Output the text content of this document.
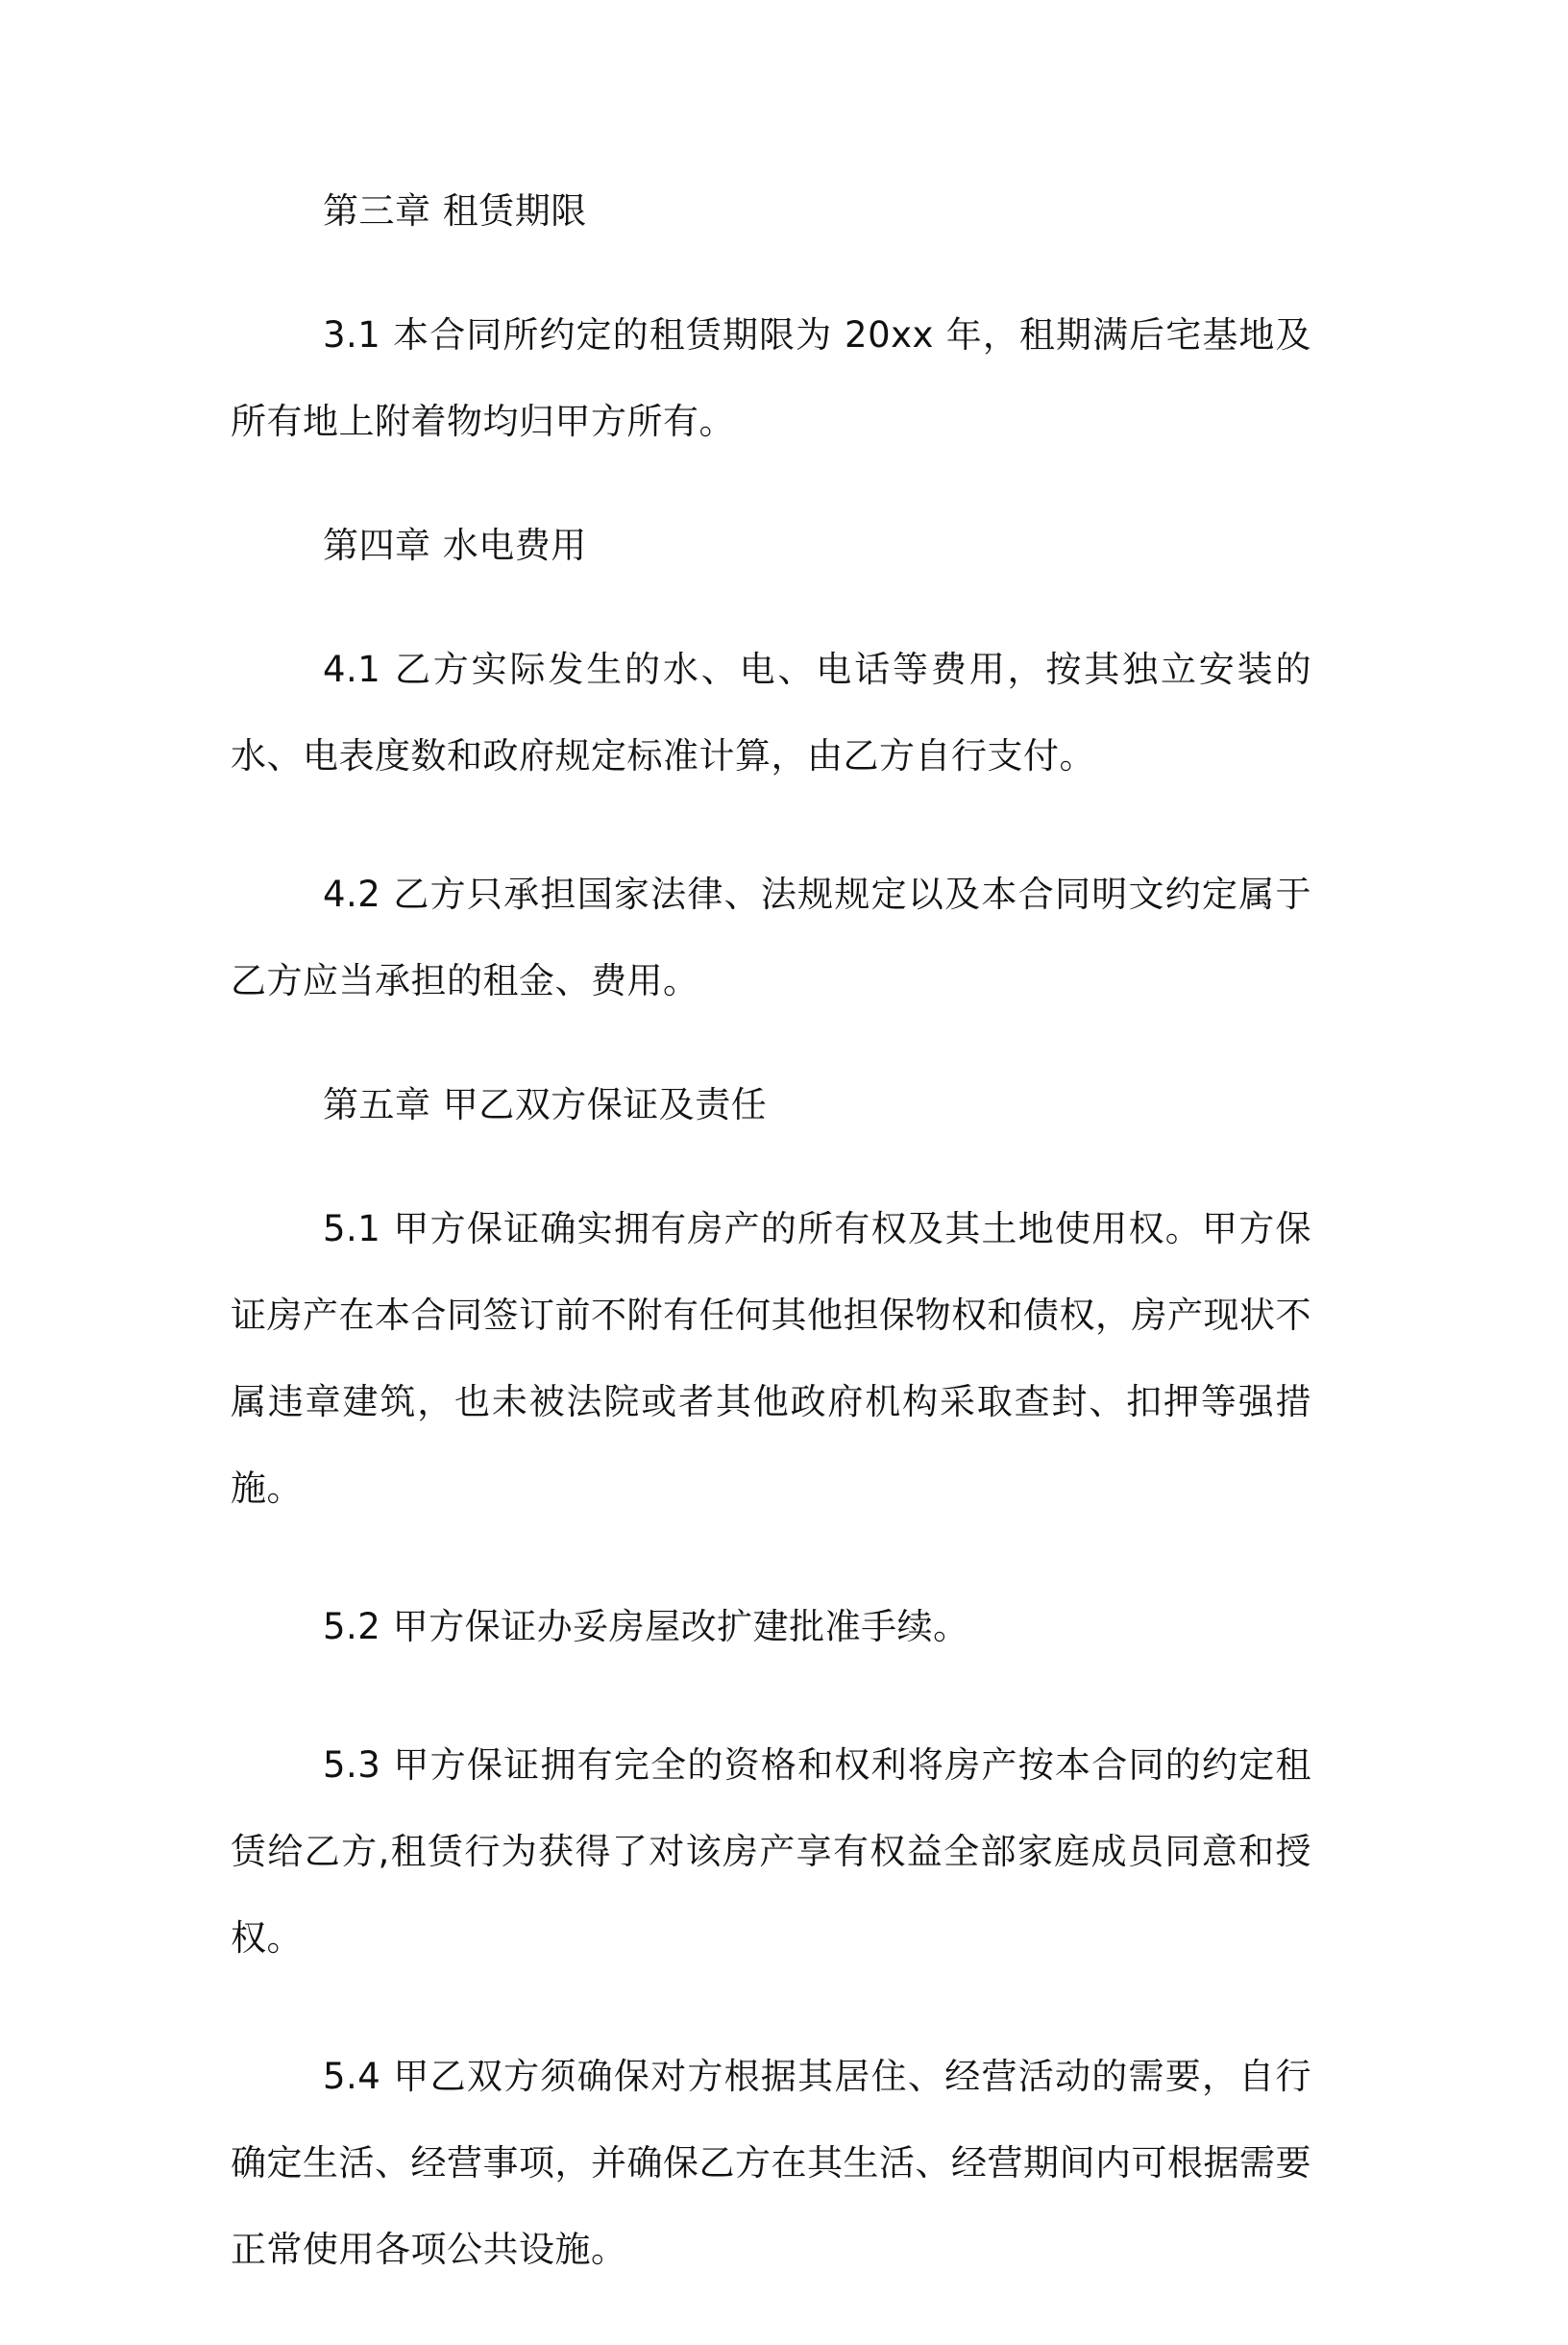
第三章 租赁期限

3.1 本合同所约定的租赁期限为 20xx 年，租期满后宅基地及所有地上附着物均归甲方所有。

第四章 水电费用

4.1 乙方实际发生的水、电、电话等费用，按其独立安装的水、电表度数和政府规定标准计算，由乙方自行支付。

4.2 乙方只承担国家法律、法规规定以及本合同明文约定属于乙方应当承担的租金、费用。

第五章 甲乙双方保证及责任

5.1 甲方保证确实拥有房产的所有权及其土地使用权。甲方保证房产在本合同签订前不附有任何其他担保物权和债权，房产现状不属违章建筑，也未被法院或者其他政府机构采取查封、扣押等强措施。

5.2 甲方保证办妥房屋改扩建批准手续。

5.3 甲方保证拥有完全的资格和权利将房产按本合同的约定租赁给乙方,租赁行为获得了对该房产享有权益全部家庭成员同意和授权。

5.4 甲乙双方须确保对方根据其居住、经营活动的需要，自行确定生活、经营事项，并确保乙方在其生活、经营期间内可根据需要正常使用各项公共设施。
